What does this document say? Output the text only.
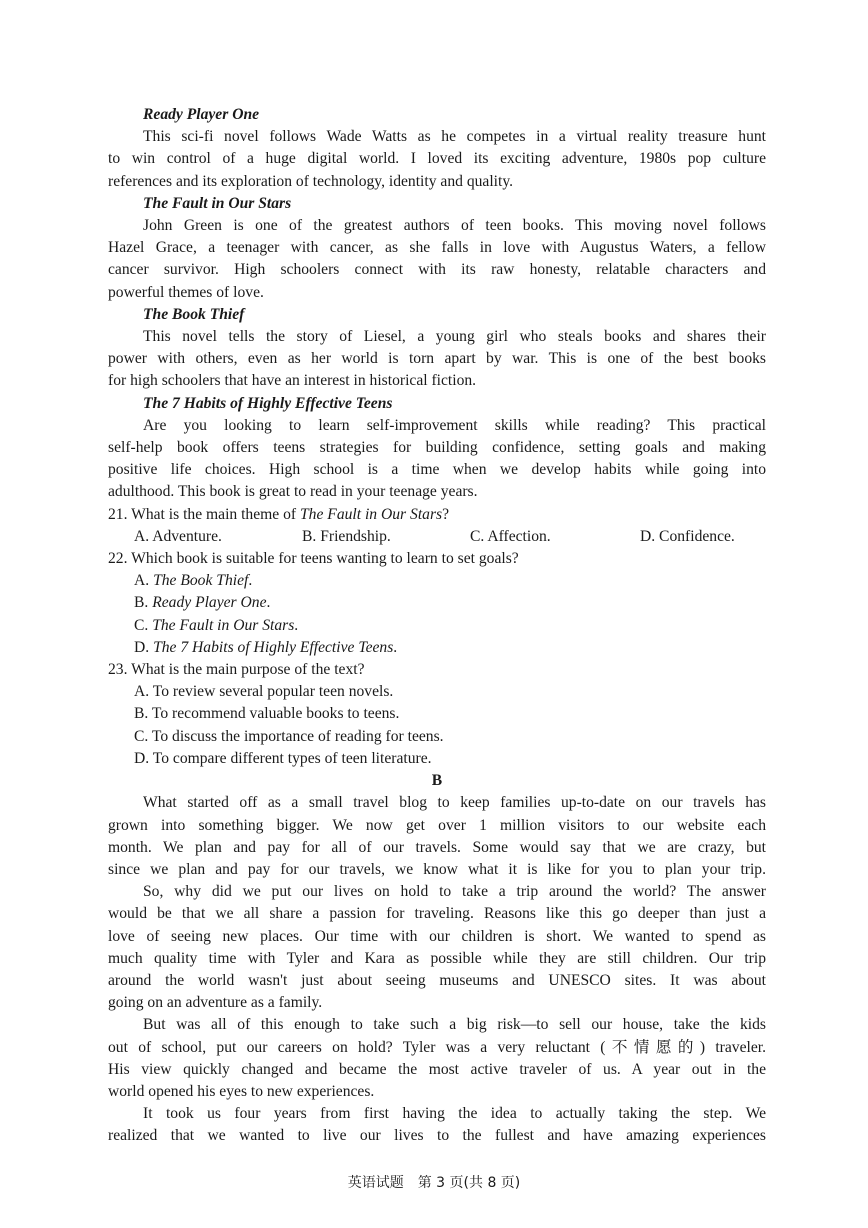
Ready Player One
This sci-fi novel follows Wade Watts as he competes in a virtual reality treasure hunt
to win control of a huge digital world. I loved its exciting adventure, 1980s pop culture
references and its exploration of technology, identity and quality.
The Fault in Our Stars
John Green is one of the greatest authors of teen books. This moving novel follows
Hazel Grace, a teenager with cancer, as she falls in love with Augustus Waters, a fellow
cancer survivor. High schoolers connect with its raw honesty, relatable characters and
powerful themes of love.
The Book Thief
This novel tells the story of Liesel, a young girl who steals books and shares their
power with others, even as her world is torn apart by war. This is one of the best books
for high schoolers that have an interest in historical fiction.
The 7 Habits of Highly Effective Teens
Are you looking to learn self-improvement skills while reading? This practical
self-help book offers teens strategies for building confidence, setting goals and making
positive life choices. High school is a time when we develop habits while going into
adulthood. This book is great to read in your teenage years.
21. What is the main theme of The Fault in Our Stars?
A. Adventure.	B. Friendship.	C. Affection.	D. Confidence.
22. Which book is suitable for teens wanting to learn to set goals?
A. The Book Thief.
B. Ready Player One.
C. The Fault in Our Stars.
D. The 7 Habits of Highly Effective Teens.
23. What is the main purpose of the text?
A. To review several popular teen novels.
B. To recommend valuable books to teens.
C. To discuss the importance of reading for teens.
D. To compare different types of teen literature.
B
What started off as a small travel blog to keep families up-to-date on our travels has
grown into something bigger. We now get over 1 million visitors to our website each
month. We plan and pay for all of our travels. Some would say that we are crazy, but
since we plan and pay for our travels, we know what it is like for you to plan your trip.
So, why did we put our lives on hold to take a trip around the world? The answer
would be that we all share a passion for traveling. Reasons like this go deeper than just a
love of seeing new places. Our time with our children is short. We wanted to spend as
much quality time with Tyler and Kara as possible while they are still children. Our trip
around the world wasn't just about seeing museums and UNESCO sites. It was about
going on an adventure as a family.
But was all of this enough to take such a big risk—to sell our house, take the kids
out of school, put our careers on hold? Tyler was a very reluctant (不情愿的) traveler.
His view quickly changed and became the most active traveler of us. A year out in the
world opened his eyes to new experiences.
It took us four years from first having the idea to actually taking the step. We
realized that we wanted to live our lives to the fullest and have amazing experiences
英语试题　第 3 页(共 8 页)
